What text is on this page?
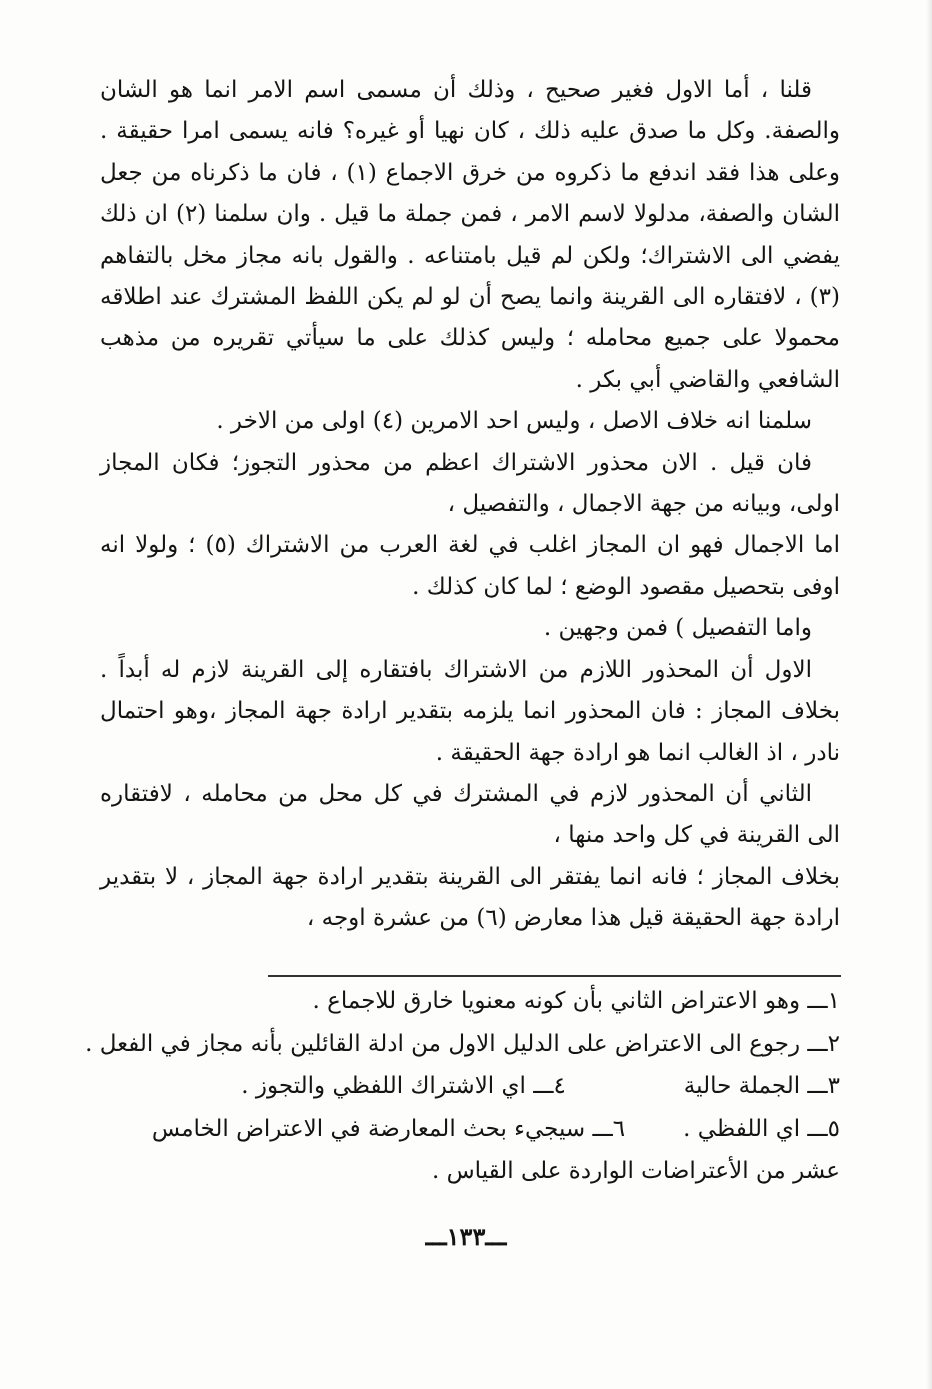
قلنا ، أما الاول فغير صحيح ، وذلك أن مسمى اسم الامر انما هو الشان والصفة. وكل ما صدق عليه ذلك ، كان نهيا أو غيره؟ فانه يسمى امرا حقيقة . وعلى هذا فقد اندفع ما ذكروه من خرق الاجماع (١) ، فان ما ذكرناه من جعل الشان والصفة، مدلولا لاسم الامر ، فمن جملة ما قيل . وان سلمنا (٢) ان ذلك يفضي الى الاشتراك؛ ولكن لم قيل بامتناعه . والقول بانه مجاز مخل بالتفاهم (٣) ، لافتقاره الى القرينة وانما يصح أن لو لم يكن اللفظ المشترك عند اطلاقه محمولا على جميع محامله ؛ وليس كذلك على ما سيأتي تقريره من مذهب الشافعي والقاضي أبي بكر .

سلمنا انه خلاف الاصل ، وليس احد الامرين (٤) اولى من الاخر .

فان قيل . الان محذور الاشتراك اعظم من محذور التجوز؛ فكان المجاز اولى، وبيانه من جهة الاجمال ، والتفصيل ،

اما الاجمال فهو ان المجاز اغلب في لغة العرب من الاشتراك (٥) ؛ ولولا انه اوفى بتحصيل مقصود الوضع ؛ لما كان كذلك .

واما التفصيل ) فمن وجهين .

الاول أن المحذور اللازم من الاشتراك بافتقاره إلى القرينة لازم له أبداً . بخلاف المجاز : فان المحذور انما يلزمه بتقدير ارادة جهة المجاز ،وهو احتمال نادر ، اذ الغالب انما هو ارادة جهة الحقيقة .

الثاني أن المحذور لازم في المشترك في كل محل من محامله ، لافتقاره الى القرينة في كل واحد منها ،

بخلاف المجاز ؛ فانه انما يفتقر الى القرينة بتقدير ارادة جهة المجاز ، لا بتقدير ارادة جهة الحقيقة قيل هذا معارض (٦) من عشرة اوجه ،

١ـــ وهو الاعتراض الثاني بأن كونه معنويا خارق للاجماع .
٢ـــ رجوع الى الاعتراض على الدليل الاول من ادلة القائلين بأنه مجاز في الفعل .
٣ـــ الجملة حالية٤ـــ اي الاشتراك اللفظي والتجوز .
٥ـــ اي اللفظي .٦ـــ سيجيء بحث المعارضة في الاعتراض الخامس
عشر من الأعتراضات الواردة على القياس .
ـــ١٣٣ـــ
